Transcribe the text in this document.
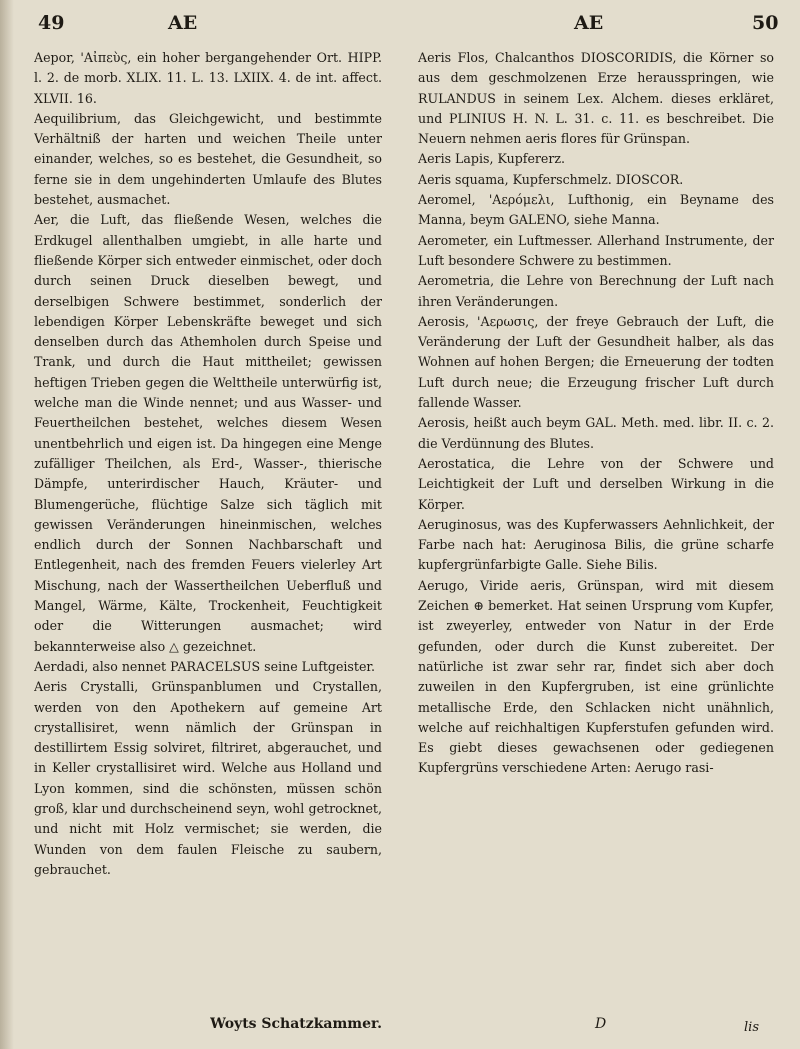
49	AE	AE	50

Aepor, 'Αἰπεὺς, ein hoher bergangehender Ort. HIPP. l. 2. de morb. XLIX. 11. L. 13. LXIIX. 4. de int. affect. XLVII. 16.

Aequilibrium, das Gleichgewicht, und bestimmte Verhältniß der harten und weichen Theile unter einander, welches, so es bestehet, die Gesundheit, so ferne sie in dem ungehinderten Umlaufe des Blutes bestehet, ausmachet.

Aer, die Luft, das fließende Wesen, welches die Erdkugel allenthalben umgiebt, in alle harte und fließende Körper sich entweder einmischet, oder doch durch seinen Druck dieselben bewegt, und derselbigen Schwere bestimmet, sonderlich der lebendigen Körper Lebenskräfte beweget und sich denselben durch das Athemholen durch Speise und Trank, und durch die Haut mittheilet; gewissen heftigen Trieben gegen die Welttheile unterwürfig ist, welche man die Winde nennet; und aus Wasser- und Feuertheilchen bestehet, welches diesem Wesen unentbehrlich und eigen ist. Da hingegen eine Menge zufälliger Theilchen, als Erd-, Wasser-, thierische Dämpfe, unterirdischer Hauch, Kräuter- und Blumengerüche, flüchtige Salze sich täglich mit gewissen Veränderungen hineinmischen, welches endlich durch der Sonnen Nachbarschaft und Entlegenheit, nach des fremden Feuers vielerley Art Mischung, nach der Wassertheilchen Ueberfluß und Mangel, Wärme, Kälte, Trockenheit, Feuchtigkeit oder die Witterungen ausmachet; wird bekannterweise also △ gezeichnet.

Aerdadi, also nennet PARACELSUS seine Luftgeister.

Aeris Crystalli, Grünspanblumen und Crystallen, werden von den Apothekern auf gemeine Art crystallisiret, wenn nämlich der Grünspan in destillirtem Essig solviret, filtriret, abgerauchet, und in Keller crystallisiret wird. Welche aus Holland und Lyon kommen, sind die schönsten, müssen schön groß, klar und durchscheinend seyn, wohl getrocknet, und nicht mit Holz vermischet; sie werden, die Wunden von dem faulen Fleische zu saubern, gebrauchet.

Woyts Schatzkammer.

Aeris Flos, Chalcanthos DIOSCORIDIS, die Körner so aus dem geschmolzenen Erze herausspringen, wie RULANDUS in seinem Lex. Alchem. dieses erkläret, und PLINIUS H. N. L. 31. c. 11. es beschreibet. Die Neuern nehmen aeris flores für Grünspan.

Aeris Lapis, Kupfererz.

Aeris squama, Kupferschmelz. DIOSCOR.

Aeromel, 'Αερόμελι, Lufthonig, ein Beyname des Manna, beym GALENO, siehe Manna.

Aerometer, ein Luftmesser. Allerhand Instrumente, der Luft besondere Schwere zu bestimmen.

Aerometria, die Lehre von Berechnung der Luft nach ihren Veränderungen.

Aerosis, 'Αερωσις, der freye Gebrauch der Luft, die Veränderung der Luft der Gesundheit halber, als das Wohnen auf hohen Bergen; die Erneuerung der todten Luft durch neue; die Erzeugung frischer Luft durch fallende Wasser.

Aerosis, heißt auch beym GAL. Meth. med. libr. II. c. 2. die Verdünnung des Blutes.

Aerostatica, die Lehre von der Schwere und Leichtigkeit der Luft und derselben Wirkung in die Körper.

Aeruginosus, was des Kupferwassers Aehnlichkeit, der Farbe nach hat: Aeruginosa Bilis, die grüne scharfe kupfergrünfarbigte Galle. Siehe Bilis.

Aerugo, Viride aeris, Grünspan, wird mit diesem Zeichen ⊕ bemerket. Hat seinen Ursprung vom Kupfer, ist zweyerley, entweder von Natur in der Erde gefunden, oder durch die Kunst zubereitet. Der natürliche ist zwar sehr rar, findet sich aber doch zuweilen in den Kupfergruben, ist eine grünlichte metallische Erde, den Schlacken nicht unähnlich, welche auf reichhaltigen Kupferstufen gefunden wird. Es giebt dieses gewachsenen oder gediegenen Kupfergrüns verschiedene Arten: Aerugo rasi-

D	lis
